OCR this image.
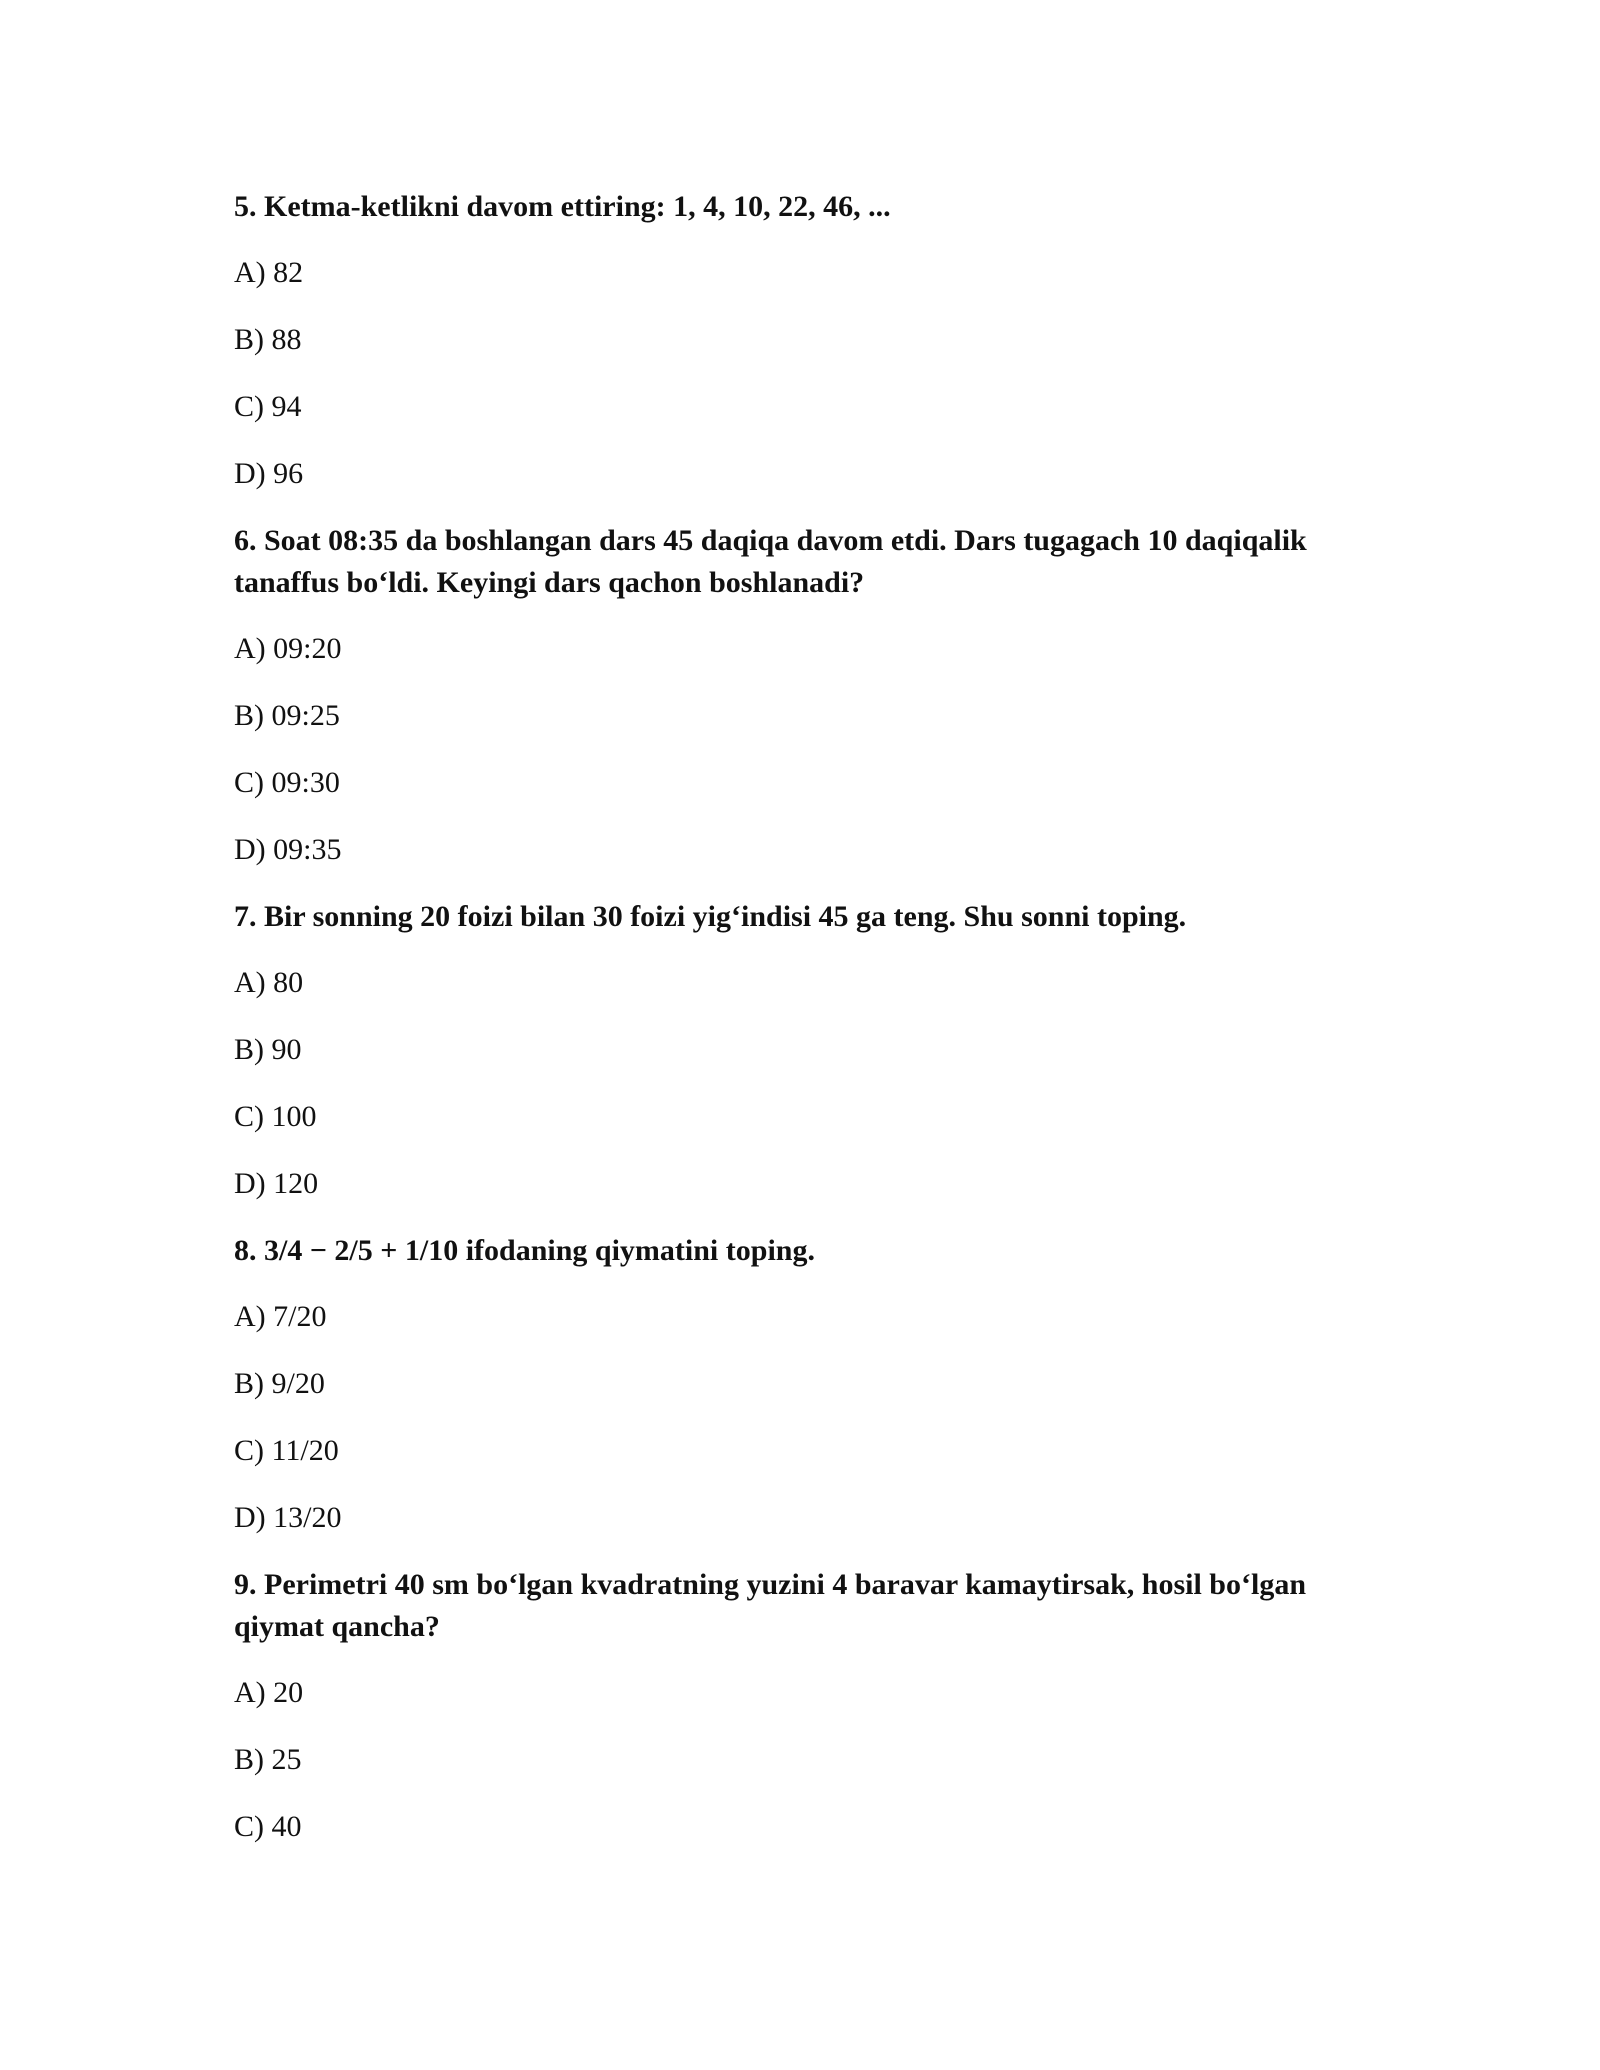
5. Ketma-ketlikni davom ettiring: 1, 4, 10, 22, 46, ...

A) 82

B) 88

C) 94

D) 96

6. Soat 08:35 da boshlangan dars 45 daqiqa davom etdi. Dars tugagach 10 daqiqalik tanaffus bo‘ldi. Keyingi dars qachon boshlanadi?

A) 09:20

B) 09:25

C) 09:30

D) 09:35

7. Bir sonning 20 foizi bilan 30 foizi yig‘indisi 45 ga teng. Shu sonni toping.

A) 80

B) 90

C) 100

D) 120

8. 3/4 − 2/5 + 1/10 ifodaning qiymatini toping.

A) 7/20

B) 9/20

C) 11/20

D) 13/20

9. Perimetri 40 sm bo‘lgan kvadratning yuzini 4 baravar kamaytirsak, hosil bo‘lgan qiymat qancha?

A) 20

B) 25

C) 40
